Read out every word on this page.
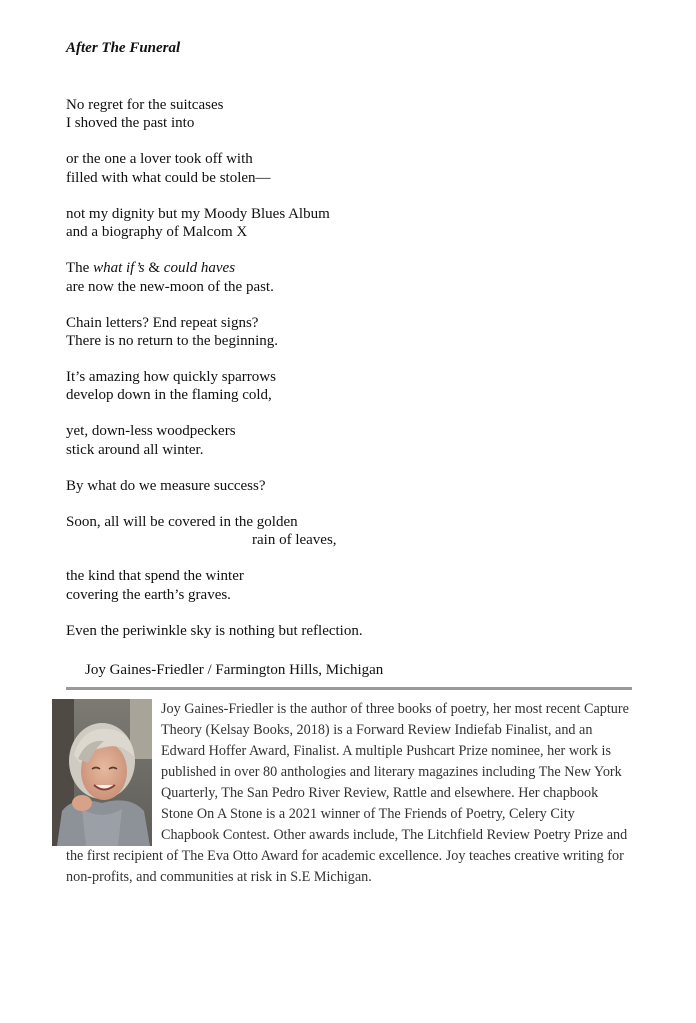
After The Funeral
No regret for the suitcases
I shoved the past into
or the one a lover took off with
filled with what could be stolen—
not my dignity but my Moody Blues Album
and a biography of Malcom X
The what if’s & could haves
are now the new-moon of the past.
Chain letters? End repeat signs?
There is no return to the beginning.
It’s amazing how quickly sparrows
develop down in the flaming cold,
yet, down-less woodpeckers
stick around all winter.
By what do we measure success?
Soon, all will be covered in the golden
rain of leaves,
the kind that spend the winter
covering the earth’s graves.
Even the periwinkle sky is nothing but reflection.
Joy Gaines-Friedler / Farmington Hills, Michigan

Joy Gaines-Friedler is the author of three books of poetry, her most recent Capture Theory (Kelsay Books, 2018) is a Forward Review Indiefab Finalist, and an Edward Hoffer Award, Finalist. A multiple Pushcart Prize nominee, her work is published in over 80 anthologies and literary magazines including The New York Quarterly, The San Pedro River Review, Rattle and elsewhere. Her chapbook Stone On A Stone is a 2021 winner of The Friends of Poetry, Celery City Chapbook Contest. Other awards include, The Litchfield Review Poetry Prize and the first recipient of The Eva Otto Award for academic excellence. Joy teaches creative writing for non-profits, and communities at risk in S.E Michigan.
